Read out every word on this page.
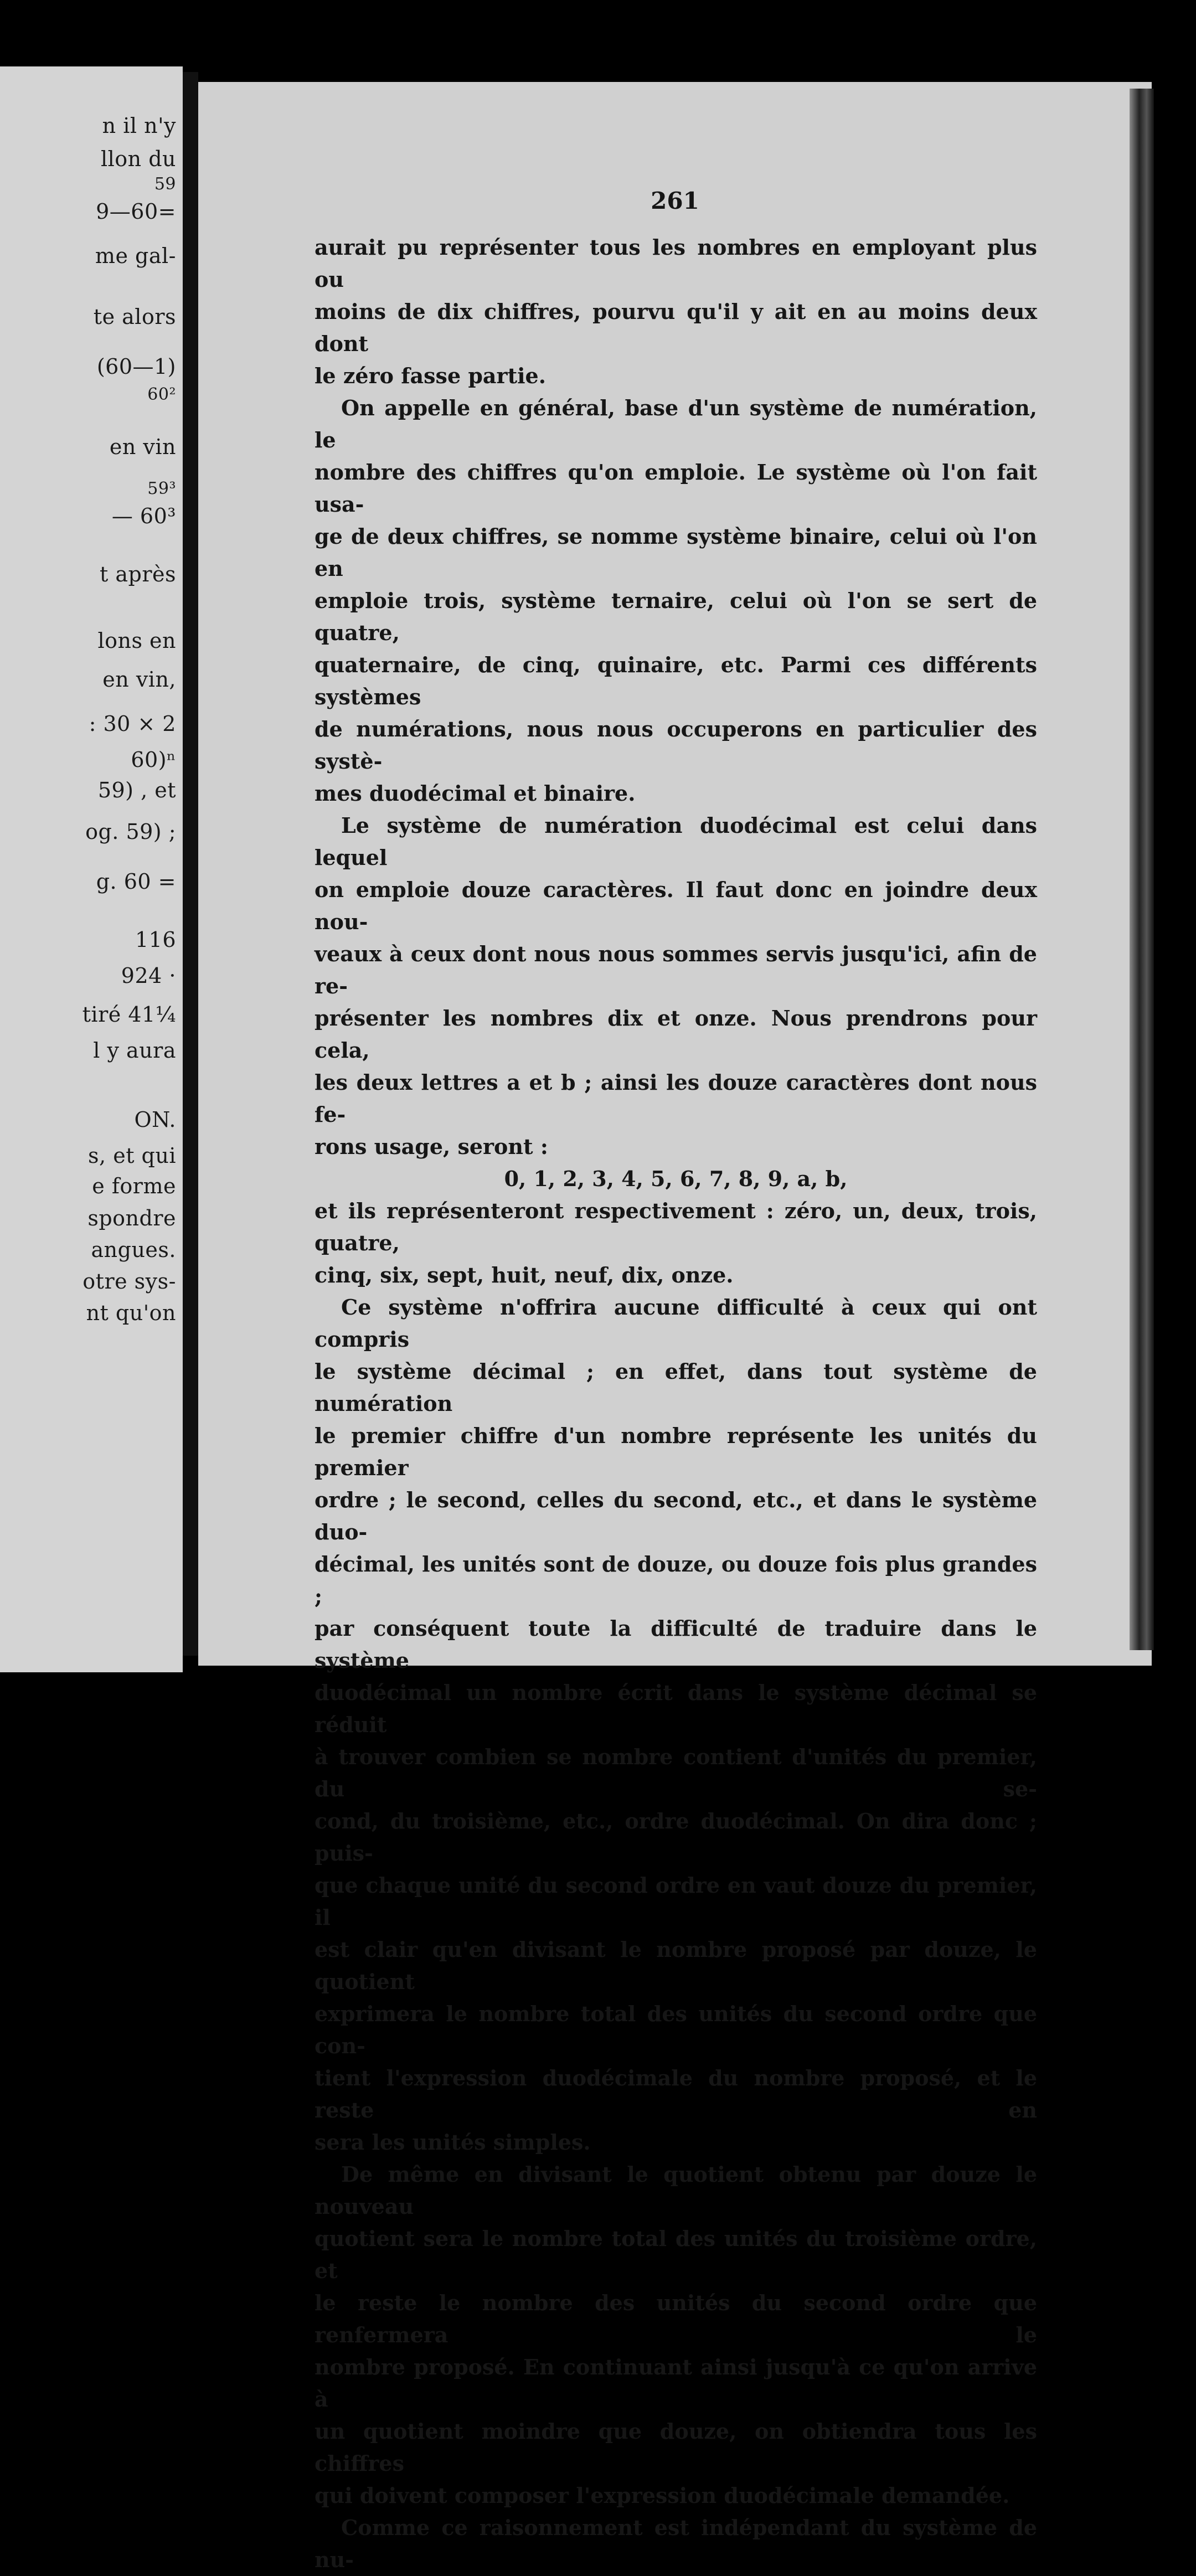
n il n'y
llon du
59
9—60=
me gal-
te alors
(60—1)
60²
en vin
59³
— 60³
t après
lons en
en vin,
: 30 × 2
60)ⁿ
59) , et
og. 59) ;
g. 60 =
116
924 ·
tiré 41¼
l y aura
ON.
s, et qui
e forme
spondre
angues.
otre sys-
nt qu'on
261

aurait pu représenter tous les nombres en employant plus ou

moins de dix chiffres, pourvu qu'il y ait en au moins deux dont

le zéro fasse partie.

On appelle en général, base d'un système de numération, le

nombre des chiffres qu'on emploie. Le système où l'on fait usa-

ge de deux chiffres, se nomme système binaire, celui où l'on en

emploie trois, système ternaire, celui où l'on se sert de quatre,

quaternaire, de cinq, quinaire, etc. Parmi ces différents systèmes

de numérations, nous nous occuperons en particulier des systè-

mes duodécimal et binaire.

Le système de numération duodécimal est celui dans lequel

on emploie douze caractères. Il faut donc en joindre deux nou-

veaux à ceux dont nous nous sommes servis jusqu'ici, afin de re-

présenter les nombres dix et onze. Nous prendrons pour cela,

les deux lettres a et b ; ainsi les douze caractères dont nous fe-

rons usage, seront :

0, 1, 2, 3, 4, 5, 6, 7, 8, 9, a, b,

et ils représenteront respectivement : zéro, un, deux, trois, quatre,

cinq, six, sept, huit, neuf, dix, onze.

Ce système n'offrira aucune difficulté à ceux qui ont compris

le système décimal ; en effet, dans tout système de numération

le premier chiffre d'un nombre représente les unités du premier

ordre ; le second, celles du second, etc., et dans le système duo-

décimal, les unités sont de douze, ou douze fois plus grandes ;

par conséquent toute la difficulté de traduire dans le système

duodécimal un nombre écrit dans le système décimal se réduit

à trouver combien se nombre contient d'unités du premier, du se-

cond, du troisième, etc., ordre duodécimal. On dira donc ; puis-

que chaque unité du second ordre en vaut douze du premier, il

est clair qu'en divisant le nombre proposé par douze, le quotient

exprimera le nombre total des unités du second ordre que con-

tient l'expression duodécimale du nombre proposé, et le reste en

sera les unités simples.

De même en divisant le quotient obtenu par douze le nouveau

quotient sera le nombre total des unités du troisième ordre, et

le reste le nombre des unités du second ordre que renfermera le

nombre proposé. En continuant ainsi jusqu'à ce qu'on arrive à

un quotient moindre que douze, on obtiendra tous les chiffres

qui doivent composer l'expression duodécimale demandée.

Comme ce raisonnement est indépendant du système de nu-
